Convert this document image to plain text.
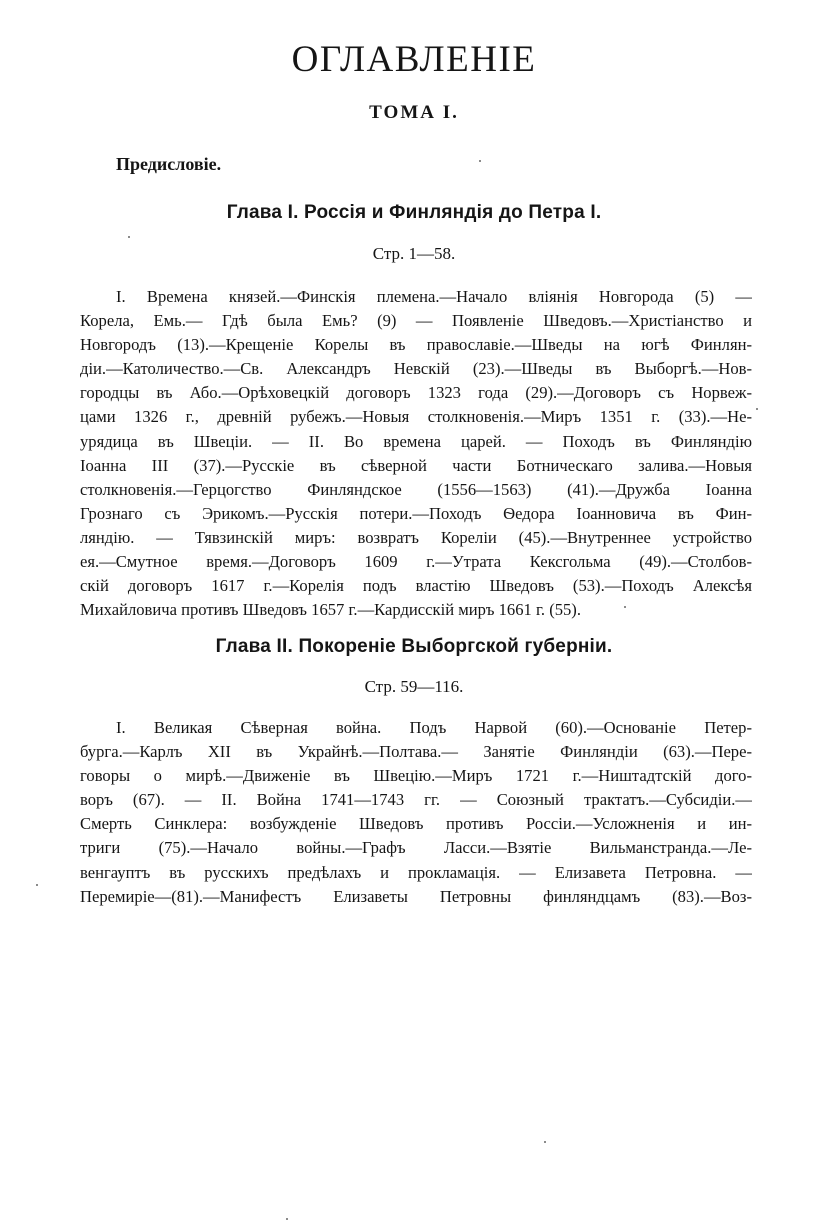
ОГЛАВЛЕНІЕ
ТОМА I.

Предисловіе.

Глава I. Россія и Финляндія до Петра I.

Стр. 1—58.

I. Времена князей.—Финскія племена.—Начало вліянія Новгорода (5) —
Корела, Емь.— Гдѣ была Емь? (9) — Появленіе Шведовъ.—Христіанство и
Новгородъ (13).—Крещеніе Корелы въ православіе.—Шведы на югѣ Финлян-
діи.—Католичество.—Св. Александръ Невскій (23).—Шведы въ Выборгѣ.—Нов-
городцы въ Або.—Орѣховецкій договоръ 1323 года (29).—Договоръ съ Норвеж-
цами 1326 г., древній рубежъ.—Новыя столкновенія.—Миръ 1351 г. (33).—Не-
урядица въ Швеціи. — II. Во времена царей. — Походъ въ Финляндію
Іоанна III (37).—Русскіе въ сѣверной части Ботническаго залива.—Новыя
столкновенія.—Герцогство Финляндское (1556—1563) (41).—Дружба Іоанна
Грознаго съ Эрикомъ.—Русскія потери.—Походъ Ѳедора Іоанновича въ Фин-
ляндію. — Тявзинскій миръ: возвратъ Кореліи (45).—Внутреннее устройство
ея.—Смутное время.—Договоръ 1609 г.—Утрата Кексгольма (49).—Столбов-
скій договоръ 1617 г.—Корелія подъ властію Шведовъ (53).—Походъ Алексѣя
Михайловича противъ Шведовъ 1657 г.—Кардисскій миръ 1661 г. (55).
Глава II. Покореніе Выборгской губерніи.

Стр. 59—116.

I. Великая Сѣверная война. Подъ Нарвой (60).—Основаніе Петер-
бурга.—Карлъ XII въ Украйнѣ.—Полтава.— Занятіе Финляндіи (63).—Пере-
говоры о мирѣ.—Движеніе въ Швецію.—Миръ 1721 г.—Ништадтскій дого-
воръ (67). — II. Война 1741—1743 гг. — Союзный трактатъ.—Субсидіи.—
Смерть Синклера: возбужденіе Шведовъ противъ Россіи.—Усложненія и ин-
триги (75).—Начало войны.—Графъ Ласси.—Взятіе Вильманстранда.—Ле-
венгауптъ въ русскихъ предѣлахъ и прокламація. — Елизавета Петровна. —
Перемиріе—(81).—Манифестъ Елизаветы Петровны финляндцамъ (83).—Воз-
